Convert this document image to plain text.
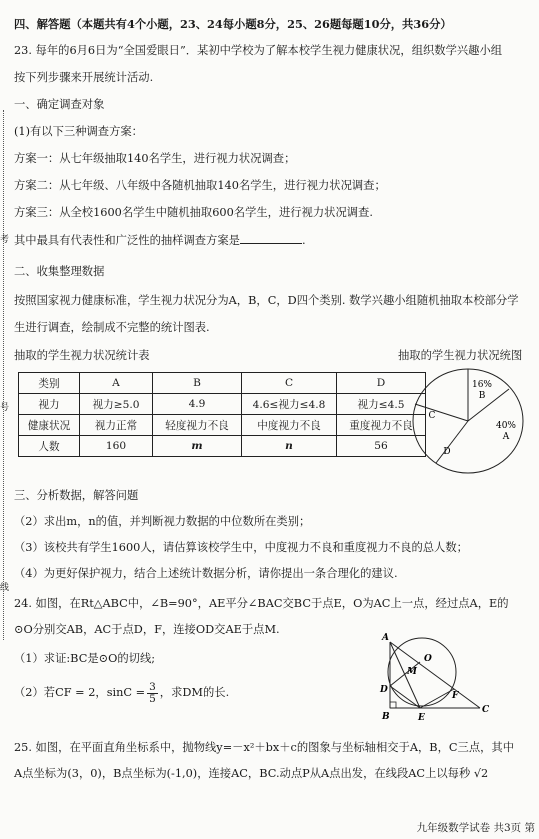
考
号
线
四、解答题（本题共有4个小题，23、24每小题8分，25、26题每题10分，共36分）
23. 每年的6月6日为“全国爱眼日”．某初中学校为了解本校学生视力健康状况，组织数学兴趣小组
按下列步骤来开展统计活动.
一、确定调查对象
(1)有以下三种调查方案：
方案一：从七年级抽取140名学生，进行视力状况调查；
方案二：从七年级、八年级中各随机抽取140名学生，进行视力状况调查；
方案三：从全校1600名学生中随机抽取600名学生，进行视力状况调查.
其中最具有代表性和广泛性的抽样调查方案是	.
二、收集整理数据
按照国家视力健康标准，学生视力状况分为A，B，C，D四个类别. 数学兴趣小组随机抽取本校部分学
生进行调查，绘制成不完整的统计图表.
抽取的学生视力状况统计表	抽取的学生视力状况统图
类别	A	B	C	D
视力	视力≥5.0	4.9	4.6≤视力≤4.8	视力≤4.5
健康状况	视力正常	轻度视力不良	中度视力不良	重度视力不良
人数	160	m	n	56
16%
B
40%
A
C
D
三、分析数据，解答问题
（2）求出m，n的值，并判断视力数据的中位数所在类别；
（3）该校共有学生1600人，请估算该校学生中，中度视力不良和重度视力不良的总人数；
（4）为更好保护视力，结合上述统计数据分析，请你提出一条合理化的建议.
24. 如图，在Rt△ABC中，∠B=90°，AE平分∠BAC交BC于点E，O为AC上一点，经过点A，E的
⊙O分别交AB，AC于点D，F，连接OD交AE于点M.
（1）求证:BC是⊙O的切线;
（2）若CF = 2，$\sin C = \frac{3}{5}$ ，求DM的长.
A
O
M
D
F
B	E
C
25. 如图，在平面直角坐标系中，抛物线y=－x²＋bx＋c的图象与坐标轴相交于A，B，C三点，其中
A点坐标为(3，0)，B点坐标为(-1,0)，连接AC，BC.动点P从A点出发，在线段AC上以每秒 √2
九年级数学试卷 共3页 第
